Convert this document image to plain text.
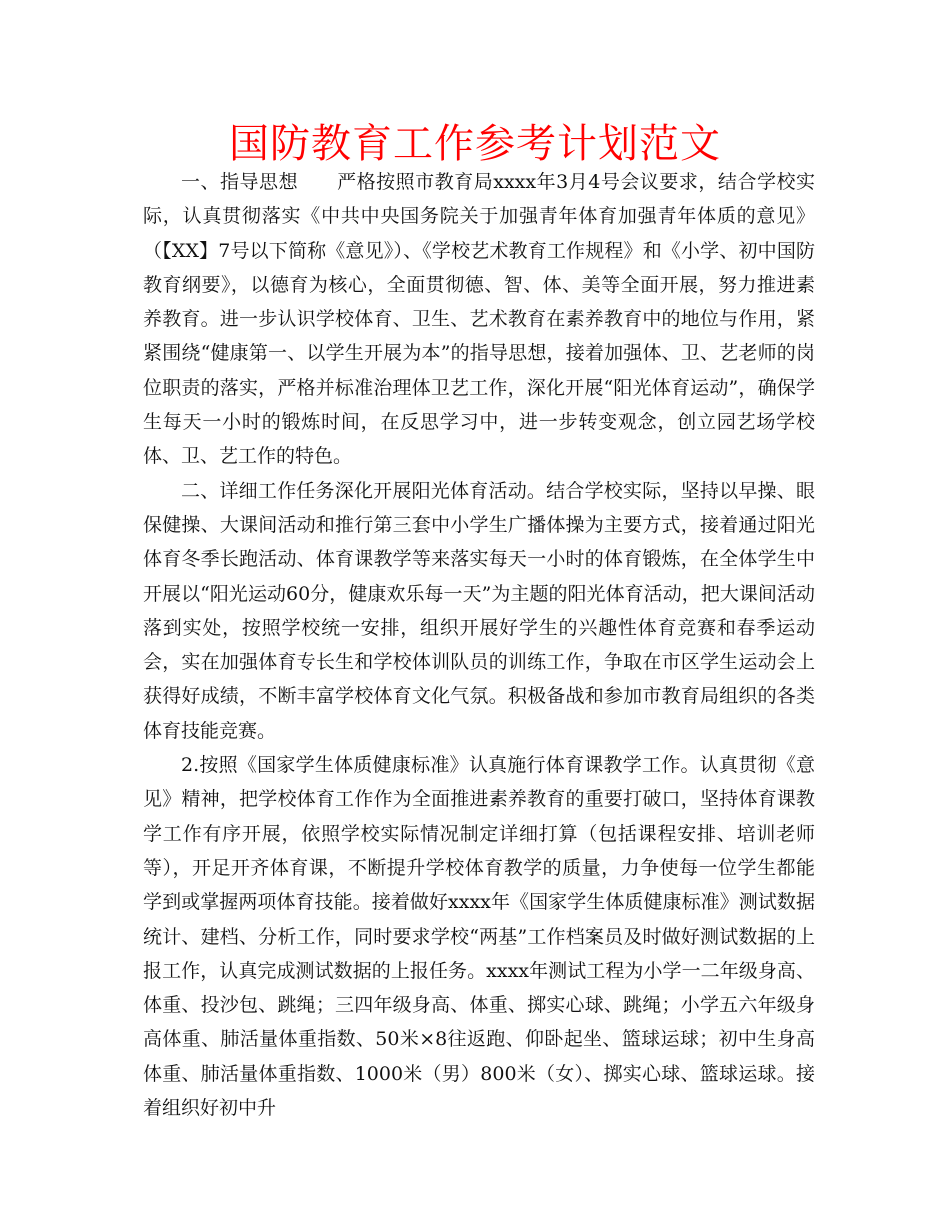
国防教育工作参考计划范文

一、指导思想　　严格按照市教育局xxxx年3月4号会议要求，结合学校实际，认真贯彻落实《中共中央国务院关于加强青年体育加强青年体质的意见》（【XX】7号以下简称《意见》）、《学校艺术教育工作规程》和《小学、初中国防教育纲要》，以德育为核心，全面贯彻德、智、体、美等全面开展，努力推进素养教育。进一步认识学校体育、卫生、艺术教育在素养教育中的地位与作用，紧紧围绕“健康第一、以学生开展为本”的指导思想，接着加强体、卫、艺老师的岗位职责的落实，严格并标准治理体卫艺工作，深化开展“阳光体育运动”，确保学生每天一小时的锻炼时间，在反思学习中，进一步转变观念，创立园艺场学校体、卫、艺工作的特色。

二、详细工作任务深化开展阳光体育活动。结合学校实际，坚持以早操、眼保健操、大课间活动和推行第三套中小学生广播体操为主要方式，接着通过阳光体育冬季长跑活动、体育课教学等来落实每天一小时的体育锻炼，在全体学生中开展以“阳光运动60分，健康欢乐每一天”为主题的阳光体育活动，把大课间活动落到实处，按照学校统一安排，组织开展好学生的兴趣性体育竞赛和春季运动会，实在加强体育专长生和学校体训队员的训练工作，争取在市区学生运动会上获得好成绩，不断丰富学校体育文化气氛。积极备战和参加市教育局组织的各类体育技能竞赛。

2.按照《国家学生体质健康标准》认真施行体育课教学工作。认真贯彻《意见》精神，把学校体育工作作为全面推进素养教育的重要打破口，坚持体育课教学工作有序开展，依照学校实际情况制定详细打算（包括课程安排、培训老师等），开足开齐体育课，不断提升学校体育教学的质量，力争使每一位学生都能学到或掌握两项体育技能。接着做好xxxx年《国家学生体质健康标准》测试数据统计、建档、分析工作，同时要求学校“两基”工作档案员及时做好测试数据的上报工作，认真完成测试数据的上报任务。xxxx年测试工程为小学一二年级身高、体重、投沙包、跳绳；三四年级身高、体重、掷实心球、跳绳；小学五六年级身高体重、肺活量体重指数、50米×8往返跑、仰卧起坐、篮球运球；初中生身高体重、肺活量体重指数、1000米（男）800米（女）、掷实心球、篮球运球。接着组织好初中升
